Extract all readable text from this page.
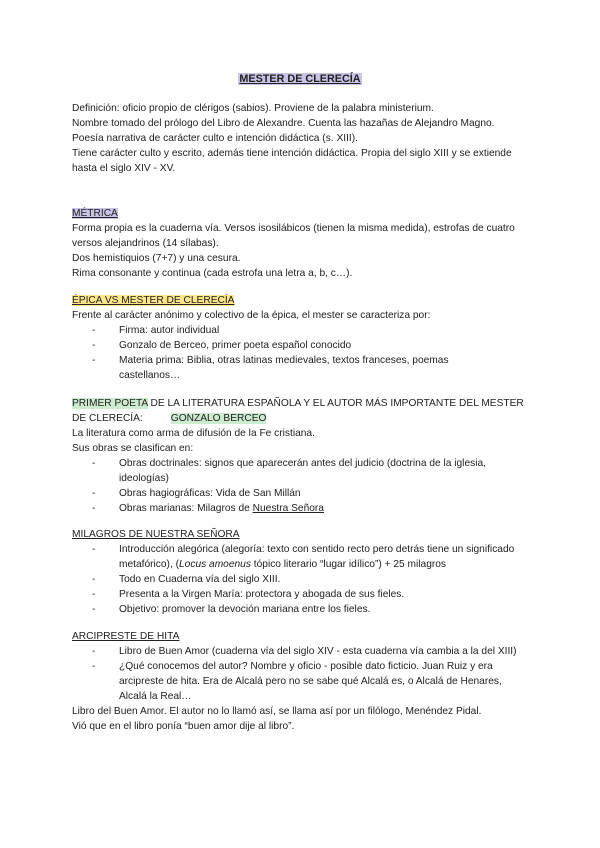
MESTER DE CLERECÍA
Definición: oficio propio de clérigos (sabios). Proviene de la palabra ministerium.
Nombre tomado del prólogo del Libro de Alexandre. Cuenta las hazañas de Alejandro Magno.
Poesía narrativa de carácter culto e intención didáctica (s. XIII).
Tiene carácter culto y escrito, además tiene intención didáctica. Propia del siglo XIII y se extiende hasta el siglo XIV - XV.
MÉTRICA
Forma propia es la cuaderna vía. Versos isosilábicos (tienen la misma medida), estrofas de cuatro versos alejandrinos (14 sílabas).
Dos hemistiquios (7+7) y una cesura.
Rima consonante y continua (cada estrofa una letra a, b, c…).
ÉPICA VS MESTER DE CLERECÍA
Frente al carácter anónimo y colectivo de la épica, el mester se caracteriza por:
- Firma: autor individual
- Gonzalo de Berceo, primer poeta español conocido
- Materia prima: Biblia, otras latinas medievales, textos franceses, poemas castellanos…
PRIMER POETA DE LA LITERATURA ESPAÑOLA Y EL AUTOR MÁS IMPORTANTE DEL MESTER DE CLERECÍA:	GONZALO BERCEO
La literatura como arma de difusión de la Fe cristiana.
Sus obras se clasifican en:
- Obras doctrinales: signos que aparecerán antes del judicio (doctrina de la iglesia, ideologías)
- Obras hagiográficas: Vida de San Millán
- Obras marianas: Milagros de Nuestra Señora
MILAGROS DE NUESTRA SEÑORA
- Introducción alegórica (alegoría: texto con sentido recto pero detrás tiene un significado metafórico), (Locus amoenus tópico literario “lugar idílico”) + 25 milagros
- Todo en Cuaderna vía del siglo XIII.
- Presenta a la Virgen María: protectora y abogada de sus fieles.
- Objetivo: promover la devoción mariana entre los fieles.
ARCIPRESTE DE HITA
- Libro de Buen Amor (cuaderna vía del siglo XIV - esta cuaderna vía cambia a la del XIII)
- ¿Qué conocemos del autor? Nombre y oficio - posible dato ficticio. Juan Ruiz y era arcipreste de hita. Era de Alcalá pero no se sabe qué Alcalá es, o Alcalá de Henares, Alcalá la Real…
Libro del Buen Amor. El autor no lo llamó así, se llama así por un filólogo, Menéndez Pidal.
Vió que en el libro ponía “buen amor dije al libro”.
